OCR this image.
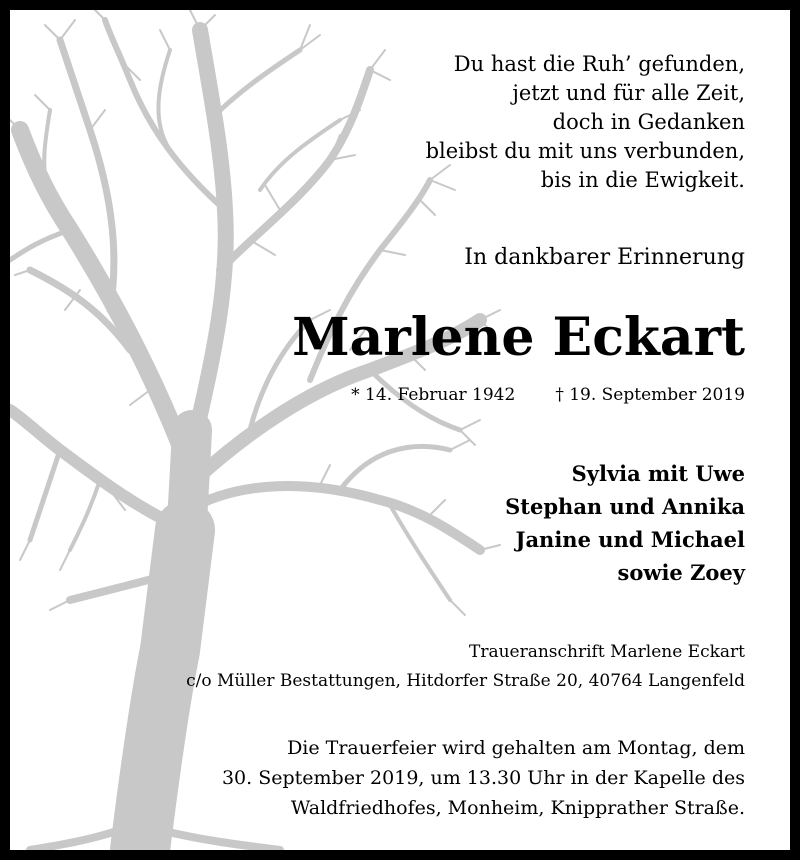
Du hast die Ruh’ gefunden,
jetzt und für alle Zeit,
doch in Gedanken
bleibst du mit uns verbunden,
bis in die Ewigkeit.
In dankbarer Erinnerung
Marlene Eckart
* 14. Februar 1942 † 19. September 2019
Sylvia mit Uwe
Stephan und Annika
Janine und Michael
sowie Zoey
Traueranschrift Marlene Eckart
c/o Müller Bestattungen, Hitdorfer Straße 20, 40764 Langenfeld
Die Trauerfeier wird gehalten am Montag, dem
30. September 2019, um 13.30 Uhr in der Kapelle des
Waldfriedhofes, Monheim, Knipprather Straße.
